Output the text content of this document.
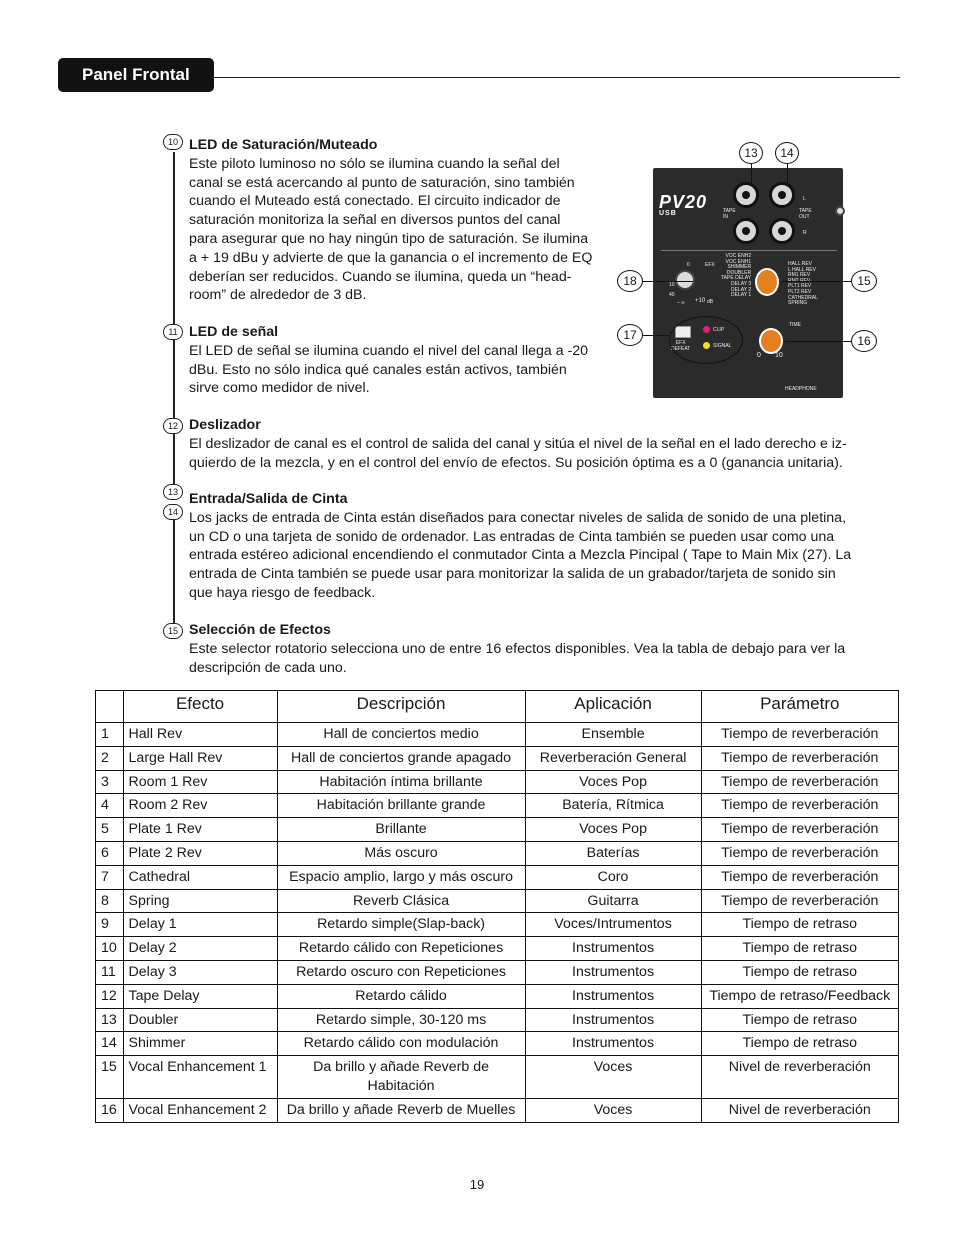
Panel Frontal
10
11
12
13
14
15
LED de Saturación/Muteado
Este piloto luminoso no sólo se ilumina cuando la señal del
canal se está acercando al punto de saturación, sino también
cuando el Muteado está conectado. El circuito indicador de
saturación monitoriza la señal en diversos puntos del canal
para asegurar que no hay ningún tipo de saturación. Se ilumina
a + 19 dBu y advierte de que la ganancia o el incremento de EQ
deberían ser reducidos. Cuando se ilumina, queda un “head-
room” de alrededor de 3 dB.
LED de señal
El LED de señal se ilumina cuando el nivel del canal llega a -20
dBu. Esto no sólo indica qué canales están activos, también
sirve como medidor de nivel.
Deslizador
El deslizador de canal es el control de salida del canal y sitúa el nivel de la señal en el lado derecho e iz-
quierdo de la mezcla, y en el control del envío de efectos. Su posición óptima es a 0 (ganancia unitaria).
Entrada/Salida de Cinta
Los jacks de entrada de Cinta están diseñados para conectar niveles de salida de sonido de una pletina,
un CD o una tarjeta de sonido de ordenador. Las entradas de Cinta también se pueden usar como una
entrada estéreo adicional encendiendo el conmutador Cinta a Mezcla Pincipal ( Tape to Main Mix (27). La
entrada de Cinta también se puede usar para monitorizar la salida de un grabador/tarjeta de sonido sin
que haya riesgo de feedback.
Selección de Efectos
Este selector rotatorio selecciona uno de entre 16 efectos disponibles. Vea la tabla de debajo para ver la
descripción de cada uno.
PV20
USB	TAPE
IN
TAPE
OUT
L
R
EFX
0
10
40
– ∞ +10 dB
VOC ENH2
VOC ENH1
SHIMMER
DOUBLER
TAPE DELAY
DELAY 3
DELAY 2
DELAY 1
HALL REV
L HALL REV
RM1 REV

PLT1 REV
PLT2 REV
CATHEDRAL
SPRING
EFX
DEFEAT
CLIP
SIGNAL
TIME
0 10
HEADPHONE
13	14
15
16
17
18
	Efecto	Descripción	Aplicación	Parámetro
1	Hall Rev	Hall de conciertos medio	Ensemble	Tiempo de reverberación
2	Large Hall Rev	Hall de conciertos grande apagado	Reverberación General	Tiempo de reverberación
3	Room 1 Rev	Habitación íntima brillante	Voces Pop	Tiempo de reverberación
4	Room 2 Rev	Habitación brillante grande	Batería, Rítmica	Tiempo de reverberación
5	Plate 1 Rev	Brillante	Voces Pop	Tiempo de reverberación
6	Plate 2 Rev	Más oscuro	Baterías	Tiempo de reverberación
7	Cathedral	Espacio amplio, largo y más oscuro	Coro	Tiempo de reverberación
8	Spring	Reverb Clásica	Guitarra	Tiempo de reverberación
9	Delay 1	Retardo simple(Slap-back)	Voces/Intrumentos	Tiempo de retraso
10	Delay 2	Retardo cálido con Repeticiones	Instrumentos	Tiempo de retraso
11	Delay 3	Retardo oscuro con Repeticiones	Instrumentos	Tiempo de retraso
12	Tape Delay	Retardo cálido	Instrumentos	Tiempo de retraso/Feedback
13	Doubler	Retardo simple, 30-120 ms	Instrumentos	Tiempo de retraso
14	Shimmer	Retardo cálido con modulación	Instrumentos	Tiempo de retraso
15	Vocal Enhancement 1	Da brillo y añade Reverb de Habitación	Voces	Nivel de reverberación
16	Vocal Enhancement 2	Da brillo y añade Reverb de Muelles	Voces	Nivel de reverberación
19
